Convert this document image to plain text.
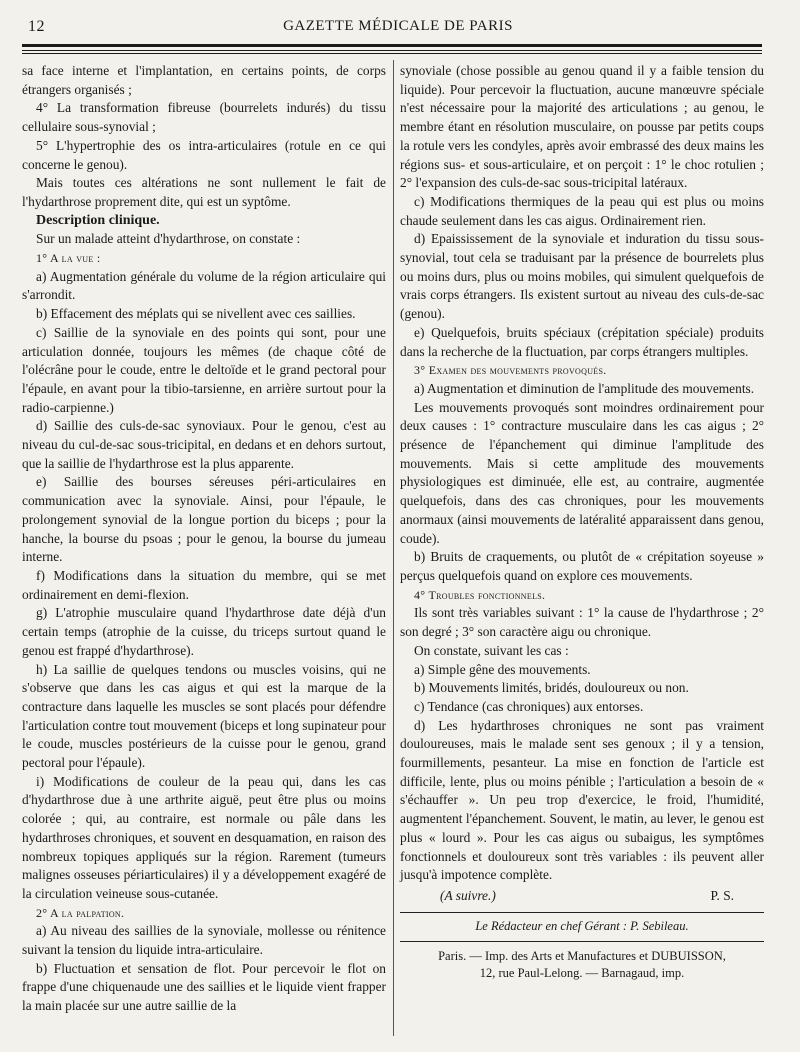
12	GAZETTE MÉDICALE DE PARIS

sa face interne et l'implantation, en certains points, de corps étrangers organisés ;

4° La transformation fibreuse (bourrelets indurés) du tissu cellulaire sous-synovial ;

5° L'hypertrophie des os intra-articulaires (rotule en ce qui concerne le genou).

Mais toutes ces altérations ne sont nullement le fait de l'hydarthrose proprement dite, qui est un syptôme.

Description clinique.

Sur un malade atteint d'hydarthrose, on constate :

1° A la vue :

a) Augmentation générale du volume de la région articulaire qui s'arrondit.

b) Effacement des méplats qui se nivellent avec ces saillies.

c) Saillie de la synoviale en des points qui sont, pour une articulation donnée, toujours les mêmes (de chaque côté de l'olécrâne pour le coude, entre le deltoïde et le grand pectoral pour l'épaule, en avant pour la tibio-tarsienne, en arrière surtout pour la radio-carpienne.)

d) Saillie des culs-de-sac synoviaux. Pour le genou, c'est au niveau du cul-de-sac sous-tricipital, en dedans et en dehors surtout, que la saillie de l'hydarthrose est la plus apparente.

e) Saillie des bourses séreuses péri-articulaires en communication avec la synoviale. Ainsi, pour l'épaule, le prolongement synovial de la longue portion du biceps ; pour la hanche, la bourse du psoas ; pour le genou, la bourse du jumeau interne.

f) Modifications dans la situation du membre, qui se met ordinairement en demi-flexion.

g) L'atrophie musculaire quand l'hydarthrose date déjà d'un certain temps (atrophie de la cuisse, du triceps surtout quand le genou est frappé d'hydarthrose).

h) La saillie de quelques tendons ou muscles voisins, qui ne s'observe que dans les cas aigus et qui est la marque de la contracture dans laquelle les muscles se sont placés pour défendre l'articulation contre tout mouvement (biceps et long supinateur pour le coude, muscles postérieurs de la cuisse pour le genou, grand pectoral pour l'épaule).

i) Modifications de couleur de la peau qui, dans les cas d'hydarthrose due à une arthrite aiguë, peut être plus ou moins colorée ; qui, au contraire, est normale ou pâle dans les hydarthroses chroniques, et souvent en desquamation, en raison des nombreux topiques appliqués sur la région. Rarement (tumeurs malignes osseuses périarticulaires) il y a développement exagéré de la circulation veineuse sous-cutanée.

2° A la palpation.

a) Au niveau des saillies de la synoviale, mollesse ou rénitence suivant la tension du liquide intra-articulaire.

b) Fluctuation et sensation de flot. Pour percevoir le flot on frappe d'une chiquenaude une des saillies et le liquide vient frapper la main placée sur une autre saillie de la

synoviale (chose possible au genou quand il y a faible tension du liquide). Pour percevoir la fluctuation, aucune manœuvre spéciale n'est nécessaire pour la majorité des articulations ; au genou, le membre étant en résolution musculaire, on pousse par petits coups la rotule vers les condyles, après avoir embrassé des deux mains les régions sus- et sous-articulaire, et on perçoit : 1° le choc rotulien ; 2° l'expansion des culs-de-sac sous-tricipital latéraux.

c) Modifications thermiques de la peau qui est plus ou moins chaude seulement dans les cas aigus. Ordinairement rien.

d) Epaississement de la synoviale et induration du tissu sous-synovial, tout cela se traduisant par la présence de bourrelets plus ou moins durs, plus ou moins mobiles, qui simulent quelquefois de vrais corps étrangers. Ils existent surtout au niveau des culs-de-sac (genou).

e) Quelquefois, bruits spéciaux (crépitation spéciale) produits dans la recherche de la fluctuation, par corps étrangers multiples.

3° Examen des mouvements provoqués.

a) Augmentation et diminution de l'amplitude des mouvements.

Les mouvements provoqués sont moindres ordinairement pour deux causes : 1° contracture musculaire dans les cas aigus ; 2° présence de l'épanchement qui diminue l'amplitude des mouvements. Mais si cette amplitude des mouvements physiologiques est diminuée, elle est, au contraire, augmentée quelquefois, dans des cas chroniques, pour les mouvements anormaux (ainsi mouvements de latéralité apparaissent dans genou, coude).

b) Bruits de craquements, ou plutôt de « crépitation soyeuse » perçus quelquefois quand on explore ces mouvements.

4° Troubles fonctionnels.

Ils sont très variables suivant : 1° la cause de l'hydarthrose ; 2° son degré ; 3° son caractère aigu ou chronique.

On constate, suivant les cas :

a) Simple gêne des mouvements.

b) Mouvements limités, bridés, douloureux ou non.

c) Tendance (cas chroniques) aux entorses.

d) Les hydarthroses chroniques ne sont pas vraiment douloureuses, mais le malade sent ses genoux ; il y a tension, fourmillements, pesanteur. La mise en fonction de l'article est difficile, lente, plus ou moins pénible ; l'articulation a besoin de « s'échauffer ». Un peu trop d'exercice, le froid, l'humidité, augmentent l'épanchement. Souvent, le matin, au lever, le genou est plus « lourd ». Pour les cas aigus ou subaigus, les symptômes fonctionnels et douloureux sont très variables : ils peuvent aller jusqu'à impotence complète.

(A suivre.)	P. S.
Le Rédacteur en chef Gérant : P. Sebileau.
Paris. — Imp. des Arts et Manufactures et DUBUISSON,
12, rue Paul-Lelong. — Barnagaud, imp.
